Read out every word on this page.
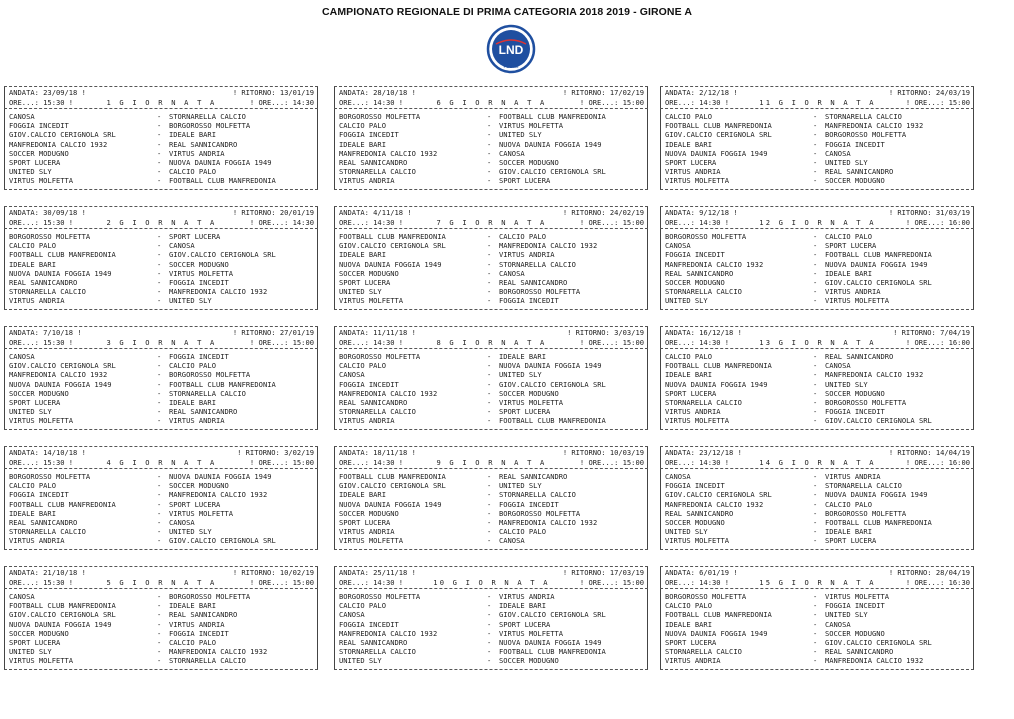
CAMPIONATO REGIONALE DI PRIMA CATEGORIA 2018 2019 - GIRONE A
LND
PUGLIA
ANDATA: 23/09/18 !	! RITORNO: 13/01/19
ORE...: 15:30 !	1 G I O R N A T A	! ORE...: 14:30
CANOSA	-	STORNARELLA CALCIO
FOGGIA INCEDIT	-	BORGOROSSO MOLFETTA
GIOV.CALCIO CERIGNOLA SRL	-	IDEALE BARI
MANFREDONIA CALCIO 1932	-	REAL SANNICANDRO
SOCCER MODUGNO	-	VIRTUS ANDRIA
SPORT LUCERA	-	NUOVA DAUNIA FOGGIA 1949
UNITED SLY	-	CALCIO PALO
VIRTUS MOLFETTA	-	FOOTBALL CLUB MANFREDONIA
ANDATA: 30/09/18 !	! RITORNO: 20/01/19
ORE...: 15:30 !	2 G I O R N A T A	! ORE...: 14:30
BORGOROSSO MOLFETTA	-	SPORT LUCERA
CALCIO PALO	-	CANOSA
FOOTBALL CLUB MANFREDONIA	-	GIOV.CALCIO CERIGNOLA SRL
IDEALE BARI	-	SOCCER MODUGNO
NUOVA DAUNIA FOGGIA 1949	-	VIRTUS MOLFETTA
REAL SANNICANDRO	-	FOGGIA INCEDIT
STORNARELLA CALCIO	-	MANFREDONIA CALCIO 1932
VIRTUS ANDRIA	-	UNITED SLY
ANDATA: 7/10/18 !	! RITORNO: 27/01/19
ORE...: 15:30 !	3 G I O R N A T A	! ORE...: 15:00
CANOSA	-	FOGGIA INCEDIT
GIOV.CALCIO CERIGNOLA SRL	-	CALCIO PALO
MANFREDONIA CALCIO 1932	-	BORGOROSSO MOLFETTA
NUOVA DAUNIA FOGGIA 1949	-	FOOTBALL CLUB MANFREDONIA
SOCCER MODUGNO	-	STORNARELLA CALCIO
SPORT LUCERA	-	IDEALE BARI
UNITED SLY	-	REAL SANNICANDRO
VIRTUS MOLFETTA	-	VIRTUS ANDRIA
ANDATA: 14/10/18 !	! RITORNO: 3/02/19
ORE...: 15:30 !	4 G I O R N A T A	! ORE...: 15:00
BORGOROSSO MOLFETTA	-	NUOVA DAUNIA FOGGIA 1949
CALCIO PALO	-	SOCCER MODUGNO
FOGGIA INCEDIT	-	MANFREDONIA CALCIO 1932
FOOTBALL CLUB MANFREDONIA	-	SPORT LUCERA
IDEALE BARI	-	VIRTUS MOLFETTA
REAL SANNICANDRO	-	CANOSA
STORNARELLA CALCIO	-	UNITED SLY
VIRTUS ANDRIA	-	GIOV.CALCIO CERIGNOLA SRL
ANDATA: 21/10/18 !	! RITORNO: 10/02/19
ORE...: 15:30 !	5 G I O R N A T A	! ORE...: 15:00
CANOSA	-	BORGOROSSO MOLFETTA
FOOTBALL CLUB MANFREDONIA	-	IDEALE BARI
GIOV.CALCIO CERIGNOLA SRL	-	REAL SANNICANDRO
NUOVA DAUNIA FOGGIA 1949	-	VIRTUS ANDRIA
SOCCER MODUGNO	-	FOGGIA INCEDIT
SPORT LUCERA	-	CALCIO PALO
UNITED SLY	-	MANFREDONIA CALCIO 1932
VIRTUS MOLFETTA	-	STORNARELLA CALCIO
ANDATA: 28/10/18 !	! RITORNO: 17/02/19
ORE...: 14:30 !	6 G I O R N A T A	! ORE...: 15:00
BORGOROSSO MOLFETTA	-	FOOTBALL CLUB MANFREDONIA
CALCIO PALO	-	VIRTUS MOLFETTA
FOGGIA INCEDIT	-	UNITED SLY
IDEALE BARI	-	NUOVA DAUNIA FOGGIA 1949
MANFREDONIA CALCIO 1932	-	CANOSA
REAL SANNICANDRO	-	SOCCER MODUGNO
STORNARELLA CALCIO	-	GIOV.CALCIO CERIGNOLA SRL
VIRTUS ANDRIA	-	SPORT LUCERA
ANDATA: 4/11/18 !	! RITORNO: 24/02/19
ORE...: 14:30 !	7 G I O R N A T A	! ORE...: 15:00
FOOTBALL CLUB MANFREDONIA	-	CALCIO PALO
GIOV.CALCIO CERIGNOLA SRL	-	MANFREDONIA CALCIO 1932
IDEALE BARI	-	VIRTUS ANDRIA
NUOVA DAUNIA FOGGIA 1949	-	STORNARELLA CALCIO
SOCCER MODUGNO	-	CANOSA
SPORT LUCERA	-	REAL SANNICANDRO
UNITED SLY	-	BORGOROSSO MOLFETTA
VIRTUS MOLFETTA	-	FOGGIA INCEDIT
ANDATA: 11/11/18 !	! RITORNO: 3/03/19
ORE...: 14:30 !	8 G I O R N A T A	! ORE...: 15:00
BORGOROSSO MOLFETTA	-	IDEALE BARI
CALCIO PALO	-	NUOVA DAUNIA FOGGIA 1949
CANOSA	-	UNITED SLY
FOGGIA INCEDIT	-	GIOV.CALCIO CERIGNOLA SRL
MANFREDONIA CALCIO 1932	-	SOCCER MODUGNO
REAL SANNICANDRO	-	VIRTUS MOLFETTA
STORNARELLA CALCIO	-	SPORT LUCERA
VIRTUS ANDRIA	-	FOOTBALL CLUB MANFREDONIA
ANDATA: 18/11/18 !	! RITORNO: 10/03/19
ORE...: 14:30 !	9 G I O R N A T A	! ORE...: 15:00
FOOTBALL CLUB MANFREDONIA	-	REAL SANNICANDRO
GIOV.CALCIO CERIGNOLA SRL	-	UNITED SLY
IDEALE BARI	-	STORNARELLA CALCIO
NUOVA DAUNIA FOGGIA 1949	-	FOGGIA INCEDIT
SOCCER MODUGNO	-	BORGOROSSO MOLFETTA
SPORT LUCERA	-	MANFREDONIA CALCIO 1932
VIRTUS ANDRIA	-	CALCIO PALO
VIRTUS MOLFETTA	-	CANOSA
ANDATA: 25/11/18 !	! RITORNO: 17/03/19
ORE...: 14:30 !	10 G I O R N A T A	! ORE...: 15:00
BORGOROSSO MOLFETTA	-	VIRTUS ANDRIA
CALCIO PALO	-	IDEALE BARI
CANOSA	-	GIOV.CALCIO CERIGNOLA SRL
FOGGIA INCEDIT	-	SPORT LUCERA
MANFREDONIA CALCIO 1932	-	VIRTUS MOLFETTA
REAL SANNICANDRO	-	NUOVA DAUNIA FOGGIA 1949
STORNARELLA CALCIO	-	FOOTBALL CLUB MANFREDONIA
UNITED SLY	-	SOCCER MODUGNO
ANDATA: 2/12/18 !	! RITORNO: 24/03/19
ORE...: 14:30 !	11 G I O R N A T A	! ORE...: 15:00
CALCIO PALO	-	STORNARELLA CALCIO
FOOTBALL CLUB MANFREDONIA	-	MANFREDONIA CALCIO 1932
GIOV.CALCIO CERIGNOLA SRL	-	BORGOROSSO MOLFETTA
IDEALE BARI	-	FOGGIA INCEDIT
NUOVA DAUNIA FOGGIA 1949	-	CANOSA
SPORT LUCERA	-	UNITED SLY
VIRTUS ANDRIA	-	REAL SANNICANDRO
VIRTUS MOLFETTA	-	SOCCER MODUGNO
ANDATA: 9/12/18 !	! RITORNO: 31/03/19
ORE...: 14:30 !	12 G I O R N A T A	! ORE...: 16:00
BORGOROSSO MOLFETTA	-	CALCIO PALO
CANOSA	-	SPORT LUCERA
FOGGIA INCEDIT	-	FOOTBALL CLUB MANFREDONIA
MANFREDONIA CALCIO 1932	-	NUOVA DAUNIA FOGGIA 1949
REAL SANNICANDRO	-	IDEALE BARI
SOCCER MODUGNO	-	GIOV.CALCIO CERIGNOLA SRL
STORNARELLA CALCIO	-	VIRTUS ANDRIA
UNITED SLY	-	VIRTUS MOLFETTA
ANDATA: 16/12/18 !	! RITORNO: 7/04/19
ORE...: 14:30 !	13 G I O R N A T A	! ORE...: 16:00
CALCIO PALO	-	REAL SANNICANDRO
FOOTBALL CLUB MANFREDONIA	-	CANOSA
IDEALE BARI	-	MANFREDONIA CALCIO 1932
NUOVA DAUNIA FOGGIA 1949	-	UNITED SLY
SPORT LUCERA	-	SOCCER MODUGNO
STORNARELLA CALCIO	-	BORGOROSSO MOLFETTA
VIRTUS ANDRIA	-	FOGGIA INCEDIT
VIRTUS MOLFETTA	-	GIOV.CALCIO CERIGNOLA SRL
ANDATA: 23/12/18 !	! RITORNO: 14/04/19
ORE...: 14:30 !	14 G I O R N A T A	! ORE...: 16:00
CANOSA	-	VIRTUS ANDRIA
FOGGIA INCEDIT	-	STORNARELLA CALCIO
GIOV.CALCIO CERIGNOLA SRL	-	NUOVA DAUNIA FOGGIA 1949
MANFREDONIA CALCIO 1932	-	CALCIO PALO
REAL SANNICANDRO	-	BORGOROSSO MOLFETTA
SOCCER MODUGNO	-	FOOTBALL CLUB MANFREDONIA
UNITED SLY	-	IDEALE BARI
VIRTUS MOLFETTA	-	SPORT LUCERA
ANDATA: 6/01/19 !	! RITORNO: 28/04/19
ORE...: 14:30 !	15 G I O R N A T A	! ORE...: 16:30
BORGOROSSO MOLFETTA	-	VIRTUS MOLFETTA
CALCIO PALO	-	FOGGIA INCEDIT
FOOTBALL CLUB MANFREDONIA	-	UNITED SLY
IDEALE BARI	-	CANOSA
NUOVA DAUNIA FOGGIA 1949	-	SOCCER MODUGNO
SPORT LUCERA	-	GIOV.CALCIO CERIGNOLA SRL
STORNARELLA CALCIO	-	REAL SANNICANDRO
VIRTUS ANDRIA	-	MANFREDONIA CALCIO 1932
